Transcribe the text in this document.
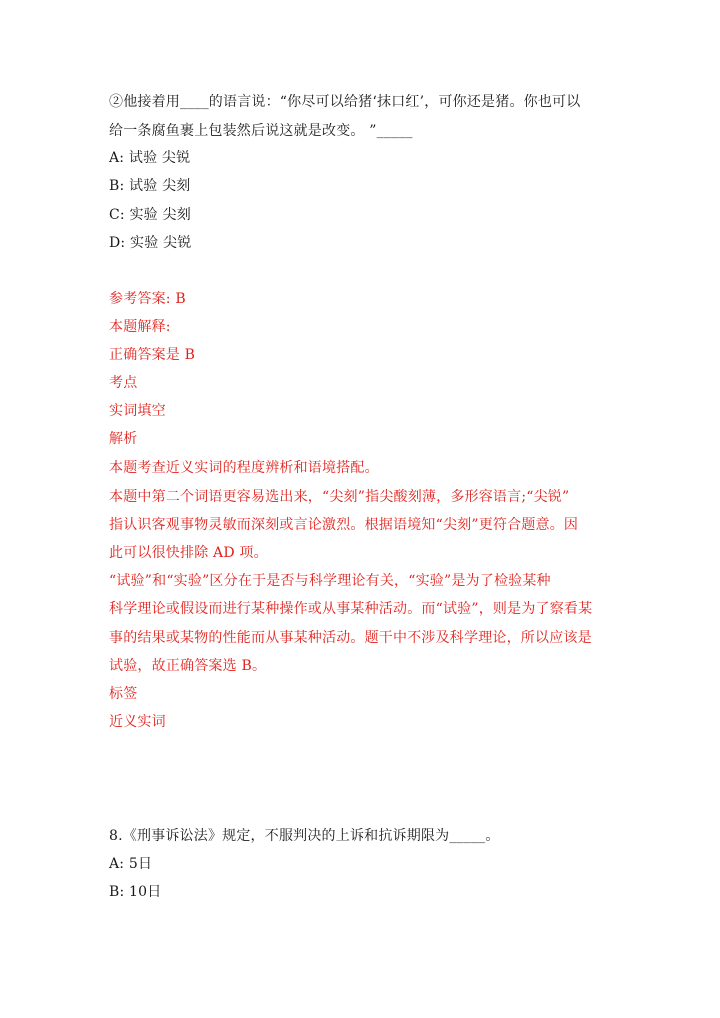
②他接着用____的语言说：“你尽可以给猪‘抹口红’，可你还是猪。你也可以
给一条腐鱼裹上包装然后说这就是改变。 ”_____
A: 试验 尖锐
B: 试验 尖刻
C: 实验 尖刻
D: 实验 尖锐
参考答案: B
本题解释:
正确答案是 B
考点
实词填空
解析
本题考查近义实词的程度辨析和语境搭配。
本题中第二个词语更容易选出来，“尖刻”指尖酸刻薄，多形容语言;“尖锐”
指认识客观事物灵敏而深刻或言论激烈。根据语境知“尖刻”更符合题意。因
此可以很快排除 AD 项。
“试验”和“实验”区分在于是否与科学理论有关，“实验”是为了检验某种
科学理论或假设而进行某种操作或从事某种活动。而“试验”，则是为了察看某
事的结果或某物的性能而从事某种活动。题干中不涉及科学理论，所以应该是
试验，故正确答案选 B。
标签
近义实词
8.《刑事诉讼法》规定，不服判决的上诉和抗诉期限为_____。
A: 5日
B: 10日
